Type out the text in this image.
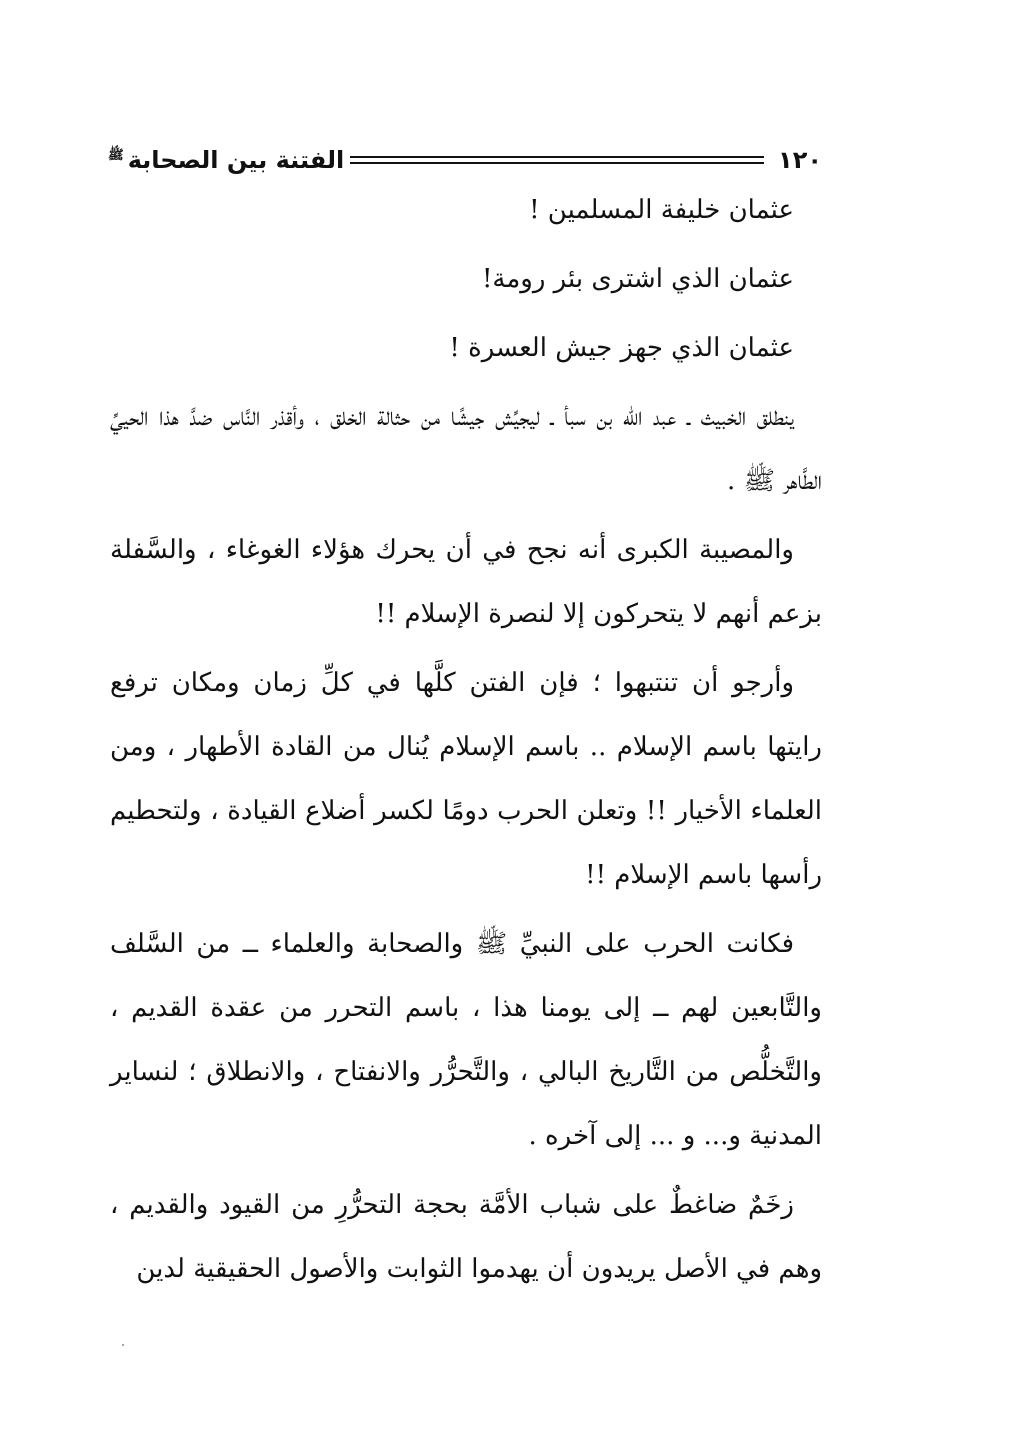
١٢٠
الفتنة بين الصحابة$^ﷺ$

عثمان خليفة المسلمين !

عثمان الذي اشترى بئر رومة!

عثمان الذي جهز جيش العسرة !

ينطلق الخبيث ـ عبد الله بن سبأ ـ ليجيِّش جيشًا من حثالة الخلق ، وأقذر النَّاس ضدَّ هذا الحييِّ الطَّاهر ﷺ .

والمصيبة الكبرى أنه نجح في أن يحرك هؤلاء الغوغاء ، والسَّفلة بزعم أنهم لا يتحركون إلا لنصرة الإسلام !!

وأرجو أن تنتبهوا ؛ فإن الفتن كلَّها في كلِّ زمان ومكان ترفع رايتها باسم الإسلام .. باسم الإسلام يُنال من القادة الأطهار ، ومن العلماء الأخيار !! وتعلن الحرب دومًا لكسر أضلاع القيادة ، ولتحطيم رأسها باسم الإسلام !!

فكانت الحرب على النبيِّ ﷺ والصحابة والعلماء ــ من السَّلف والتَّابعين لهم ــ إلى يومنا هذا ، باسم التحرر من عقدة القديم ، والتَّخلُّص من التَّاريخ البالي ، والتَّحرُّر والانفتاح ، والانطلاق ؛ لنساير المدنية و... و ... إلى آخره .

زخَمٌ ضاغطٌ على شباب الأمَّة بحجة التحرُّرِ من القيود والقديم ، وهم في الأصل يريدون أن يهدموا الثوابت والأصول الحقيقية لدين
